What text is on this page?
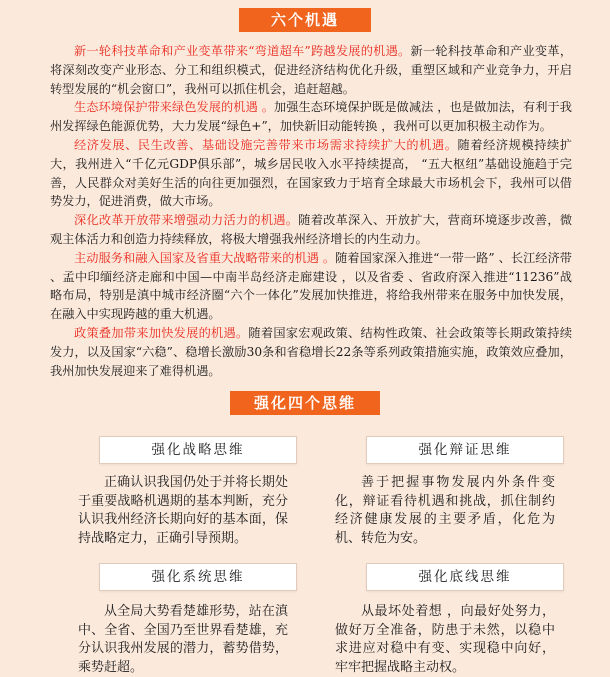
六个机遇

新一轮科技革命和产业变革带来“弯道超车”跨越发展的机遇。新一轮科技革命和产业变革，将深刻改变产业形态、分工和组织模式，促进经济结构优化升级，重塑区域和产业竞争力，开启转型发展的“机会窗口”，我州可以抓住机会，追赶超越。

生态环境保护带来绿色发展的机遇 。加强生态环境保护既是做减法 ，也是做加法，有利于我州发挥绿色能源优势，大力发展“绿色+”，加快新旧动能转换 ，我州可以更加积极主动作为。

经济发展、民生改善、基础设施完善带来市场需求持续扩大的机遇。随着经济规模持续扩大，我州进入“千亿元GDP俱乐部”，城乡居民收入水平持续提高， “五大枢纽”基础设施趋于完善，人民群众对美好生活的向往更加强烈，在国家致力于培育全球最大市场机会下，我州可以借势发力，促进消费，做大市场。

深化改革开放带来增强动力活力的机遇。随着改革深入、开放扩大，营商环境逐步改善，微观主体活力和创造力持续释放，将极大增强我州经济增长的内生动力。

主动服务和融入国家及省重大战略带来的机遇 。随着国家深入推进“一带一路” 、长江经济带 、孟中印缅经济走廊和中国—中南半岛经济走廊建设 ，以及省委 、省政府深入推进“11236”战略布局，特别是滇中城市经济圈“六个一体化”发展加快推进，将给我州带来在服务中加快发展，在融入中实现跨越的重大机遇。

政策叠加带来加快发展的机遇。随着国家宏观政策、结构性政策、社会政策等长期政策持续发力，以及国家“六稳”、稳增长激励30条和省稳增长22条等系列政策措施实施，政策效应叠加，我州加快发展迎来了难得机遇。

强化四个思维
强化战略思维

正确认识我国仍处于并将长期处于重要战略机遇期的基本判断，充分认识我州经济长期向好的基本面，保持战略定力，正确引导预期。

强化辩证思维

善于把握事物发展内外条件变化，辩证看待机遇和挑战，抓住制约经济健康发展的主要矛盾，化危为机、转危为安。

强化系统思维

从全局大势看楚雄形势，站在滇中、全省、全国乃至世界看楚雄，充分认识我州发展的潜力，蓄势借势，乘势赶超。

强化底线思维

从最坏处着想 ，向最好处努力，做好万全准备，防患于未然，以稳中求进应对稳中有变、实现稳中向好，牢牢把握战略主动权。
